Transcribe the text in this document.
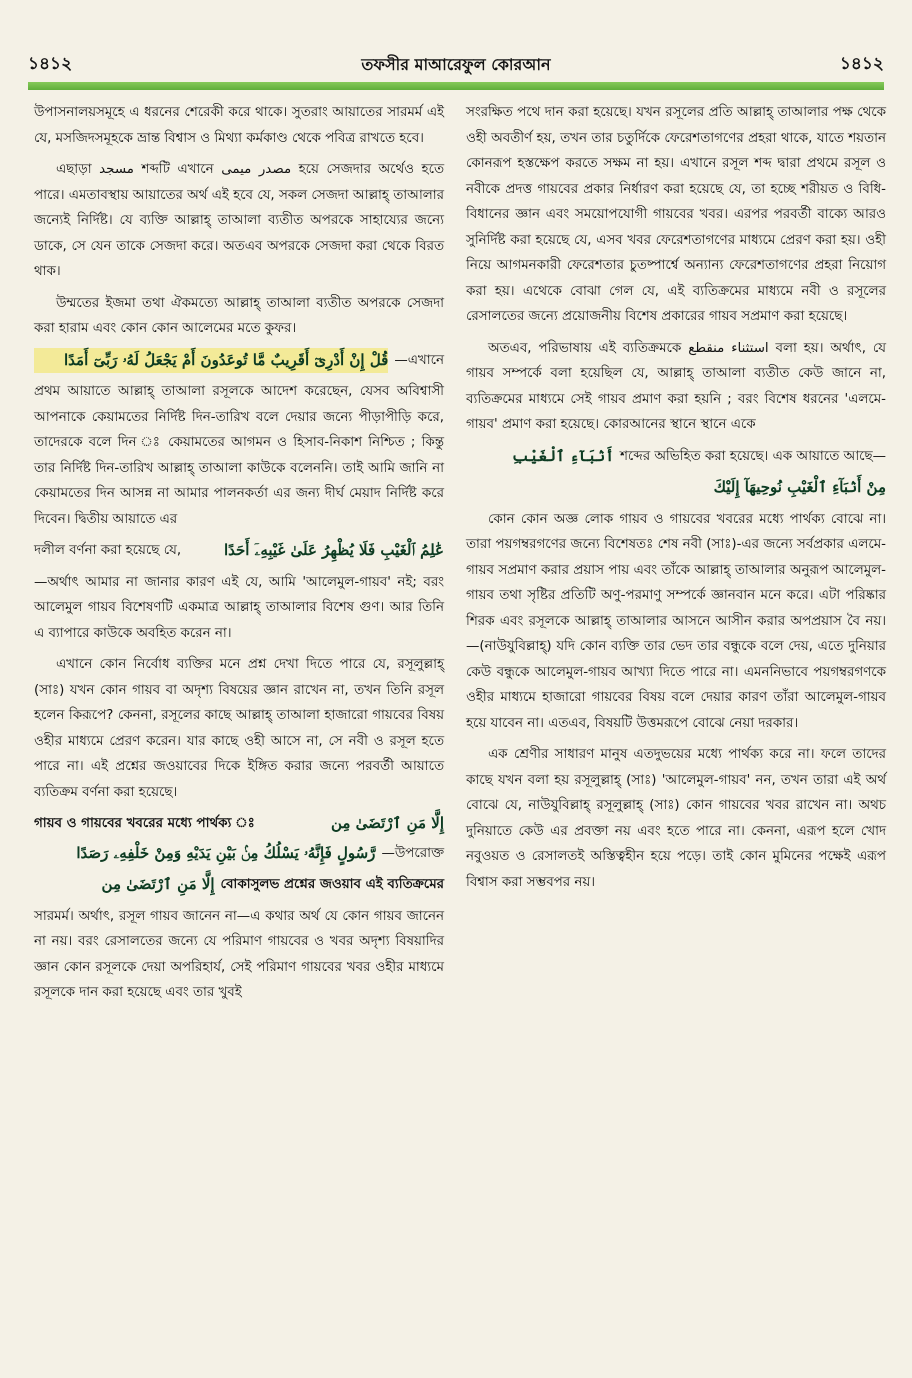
১৪১২	তফসীর মাআরেফুল কোরআন	১৪১২

উপাসনালয়সমূহে এ ধরনের শেরেকী করে থাকে। সুতরাং আয়াতের সারমর্ম এই যে, মসজিদসমূহকে ভ্রান্ত বিশ্বাস ও মিথ্যা কর্মকাণ্ড থেকে পবিত্র রাখতে হবে।

এছাড়া مسجد শব্দটি এখানে مصدر ميمى হয়ে সেজদার অর্থেও হতে পারে। এমতাবস্থায় আয়াতের অর্থ এই হবে যে, সকল সেজদা আল্লাহ্ তাআলার জন্যেই নির্দিষ্ট। যে ব্যক্তি আল্লাহ্ তাআলা ব্যতীত অপরকে সাহায্যের জন্যে ডাকে, সে যেন তাকে সেজদা করে। অতএব অপরকে সেজদা করা থেকে বিরত থাক।

উম্মতের ইজমা তথা ঐকমত্যে আল্লাহ্ তাআলা ব্যতীত অপরকে সেজদা করা হারাম এবং কোন কোন আলেমের মতে কুফর।

قُلْ إِنْ أَدْرِىٓ أَقَرِيبٌ مَّا تُوعَدُونَ أَمْ يَجْعَلُ لَهُۥ رَبِّىٓ أَمَدًا —এখানে

প্রথম আয়াতে আল্লাহ্ তাআলা রসূলকে আদেশ করেছেন, যেসব অবিশ্বাসী আপনাকে কেয়ামতের নির্দিষ্ট দিন-তারিখ বলে দেয়ার জন্যে পীড়াপীড়ি করে, তাদেরকে বলে দিন ঃ কেয়ামতের আগমন ও হিসাব-নিকাশ নিশ্চিত ; কিন্তু তার নির্দিষ্ট দিন-তারিখ আল্লাহ্ তাআলা কাউকে বলেননি। তাই আমি জানি না কেয়ামতের দিন আসন্ন না আমার পালনকর্তা এর জন্য দীর্ঘ মেয়াদ নির্দিষ্ট করে দিবেন। দ্বিতীয় আয়াতে এর

দলীল বর্ণনা করা হয়েছে যে,	عَٰلِمُ ٱلْغَيْبِ فَلَا يُظْهِرُ عَلَىٰ غَيْبِهِۦٓ أَحَدًا

—অর্থাৎ আমার না জানার কারণ এই যে, আমি 'আলেমুল-গায়ব' নই; বরং আলেমুল গায়ব বিশেষণটি একমাত্র আল্লাহ্ তাআলার বিশেষ গুণ। আর তিনি এ ব্যাপারে কাউকে অবহিত করেন না।

এখানে কোন নির্বোধ ব্যক্তির মনে প্রশ্ন দেখা দিতে পারে যে, রসূলুল্লাহ্ (সাঃ) যখন কোন গায়ব বা অদৃশ্য বিষয়ের জ্ঞান রাখেন না, তখন তিনি রসূল হলেন কিরূপে? কেননা, রসূলের কাছে আল্লাহ্ তাআলা হাজারো গায়বের বিষয় ওহীর মাধ্যমে প্রেরণ করেন। যার কাছে ওহী আসে না, সে নবী ও রসূল হতে পারে না। এই প্রশ্নের জওয়াবের দিকে ইঙ্গিত করার জন্যে পরবর্তী আয়াতে ব্যতিক্রম বর্ণনা করা হয়েছে।

গায়ব ও গায়বের খবরের মধ্যে পার্থক্য ঃ	إِلَّا مَنِ ٱرْتَضَىٰ مِن
رَّسُولٍ فَإِنَّهُۥ يَسْلُكُ مِنۢ بَيْنِ يَدَيْهِ وَمِنْ خَلْفِهِۦ رَصَدًا —উপরোক্ত
إِلَّا مَنِ ٱرْتَضَىٰ مِن বোকাসুলভ প্রশ্নের জওয়াব এই ব্যতিক্রমের

সারমর্ম। অর্থাৎ, রসূল গায়ব জানেন না—এ কথার অর্থ যে কোন গায়ব জানেন না নয়। বরং রেসালতের জন্যে যে পরিমাণ গায়বের ও খবর অদৃশ্য বিষয়াদির জ্ঞান কোন রসূলকে দেয়া অপরিহার্য, সেই পরিমাণ গায়বের খবর ওহীর মাধ্যমে রসূলকে দান করা হয়েছে এবং তার খুবই

সংরক্ষিত পথে দান করা হয়েছে। যখন রসূলের প্রতি আল্লাহ্ তাআলার পক্ষ থেকে ওহী অবতীর্ণ হয়, তখন তার চতুর্দিকে ফেরেশতাগণের প্রহরা থাকে, যাতে শয়তান কোনরূপ হস্তক্ষেপ করতে সক্ষম না হয়। এখানে রসূল শব্দ দ্বারা প্রথমে রসূল ও নবীকে প্রদত্ত গায়বের প্রকার নির্ধারণ করা হয়েছে যে, তা হচ্ছে শরীয়ত ও বিধি-বিধানের জ্ঞান এবং সময়োপযোগী গায়বের খবর। এরপর পরবর্তী বাক্যে আরও সুনির্দিষ্ট করা হয়েছে যে, এসব খবর ফেরেশতাগণের মাধ্যমে প্রেরণ করা হয়। ওহী নিয়ে আগমনকারী ফেরেশতার চুতষ্পার্শ্বে অন্যান্য ফেরেশতাগণের প্রহরা নিয়োগ করা হয়। এথেকে বোঝা গেল যে, এই ব্যতিক্রমের মাধ্যমে নবী ও রসূলের রেসালতের জন্যে প্রয়োজনীয় বিশেষ প্রকারের গায়ব সপ্রমাণ করা হয়েছে।

অতএব, পরিভাষায় এই ব্যতিক্রমকে استثناء منقطع বলা হয়। অর্থাৎ, যে গায়ব সম্পর্কে বলা হয়েছিল যে, আল্লাহ্ তাআলা ব্যতীত কেউ জানে না, ব্যতিক্রমের মাধ্যমে সেই গায়ব প্রমাণ করা হয়নি ; বরং বিশেষ ধরনের 'এলমে-গায়ব' প্রমাণ করা হয়েছে। কোরআনের স্থানে স্থানে একে

أَنۢبَآءِ ٱلْغَيْبِ শব্দের অভিহিত করা হয়েছে। এক আয়াতে আছে—
مِنْ أَنۢبَآءِ ٱلْغَيْبِ نُوحِيهَآ إِلَيْكَ

কোন কোন অজ্ঞ লোক গায়ব ও গায়বের খবরের মধ্যে পার্থক্য বোঝে না। তারা পয়গম্বরগণের জন্যে বিশেষতঃ শেষ নবী (সাঃ)-এর জন্যে সর্বপ্রকার এলমে-গায়ব সপ্রমাণ করার প্রয়াস পায় এবং তাঁকে আল্লাহ্ তাআলার অনুরূপ আলেমুল-গায়ব তথা সৃষ্টির প্রতিটি অণু-পরমাণু সম্পর্কে জ্ঞানবান মনে করে। এটা পরিষ্কার শিরক এবং রসূলকে আল্লাহ্ তাআলার আসনে আসীন করার অপপ্রয়াস বৈ নয়।—(নাউযুবিল্লাহ্) যদি কোন ব্যক্তি তার ভেদ তার বন্ধুকে বলে দেয়, এতে দুনিয়ার কেউ বন্ধুকে আলেমুল-গায়ব আখ্যা দিতে পারে না। এমননিভাবে পয়গম্বরগণকে ওহীর মাধ্যমে হাজারো গায়বের বিষয় বলে দেয়ার কারণ তাঁরা আলেমুল-গায়ব হয়ে যাবেন না। এতএব, বিষয়টি উত্তমরূপে বোঝে নেয়া দরকার।

এক শ্রেণীর সাধারণ মানুষ এতদুভয়ের মধ্যে পার্থক্য করে না। ফলে তাদের কাছে যখন বলা হয় রসূলুল্লাহ্ (সাঃ) 'আলেমুল-গায়ব' নন, তখন তারা এই অর্থ বোঝে যে, নাউযুবিল্লাহ্ রসূলুল্লাহ্ (সাঃ) কোন গায়বের খবর রাখেন না। অথচ দুনিয়াতে কেউ এর প্রবক্তা নয় এবং হতে পারে না। কেননা, এরূপ হলে খোদ নবুওয়ত ও রেসালতই অস্তিত্বহীন হয়ে পড়ে। তাই কোন মুমিনের পক্ষেই এরূপ বিশ্বাস করা সম্ভবপর নয়।
